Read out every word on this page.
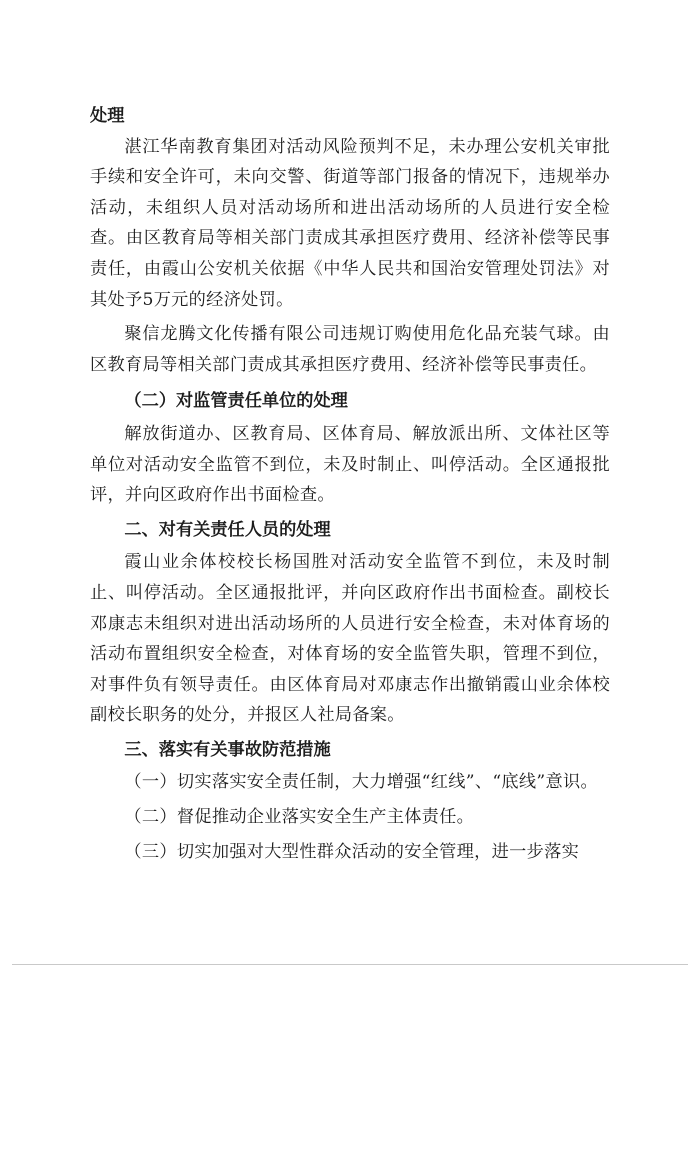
处理

湛江华南教育集团对活动风险预判不足，未办理公安机关审批手续和安全许可，未向交警、街道等部门报备的情况下，违规举办活动，未组织人员对活动场所和进出活动场所的人员进行安全检查。由区教育局等相关部门责成其承担医疗费用、经济补偿等民事责任，由霞山公安机关依据《中华人民共和国治安管理处罚法》对其处予5万元的经济处罚。

聚信龙腾文化传播有限公司违规订购使用危化品充装气球。由区教育局等相关部门责成其承担医疗费用、经济补偿等民事责任。

（二）对监管责任单位的处理

解放街道办、区教育局、区体育局、解放派出所、文体社区等单位对活动安全监管不到位，未及时制止、叫停活动。全区通报批评，并向区政府作出书面检查。

二、对有关责任人员的处理

霞山业余体校校长杨国胜对活动安全监管不到位，未及时制止、叫停活动。全区通报批评，并向区政府作出书面检查。副校长邓康志未组织对进出活动场所的人员进行安全检查，未对体育场的活动布置组织安全检查，对体育场的安全监管失职，管理不到位，对事件负有领导责任。由区体育局对邓康志作出撤销霞山业余体校副校长职务的处分，并报区人社局备案。

三、落实有关事故防范措施

（一）切实落实安全责任制，大力增强“红线”、“底线”意识。

（二）督促推动企业落实安全生产主体责任。

（三）切实加强对大型性群众活动的安全管理，进一步落实
